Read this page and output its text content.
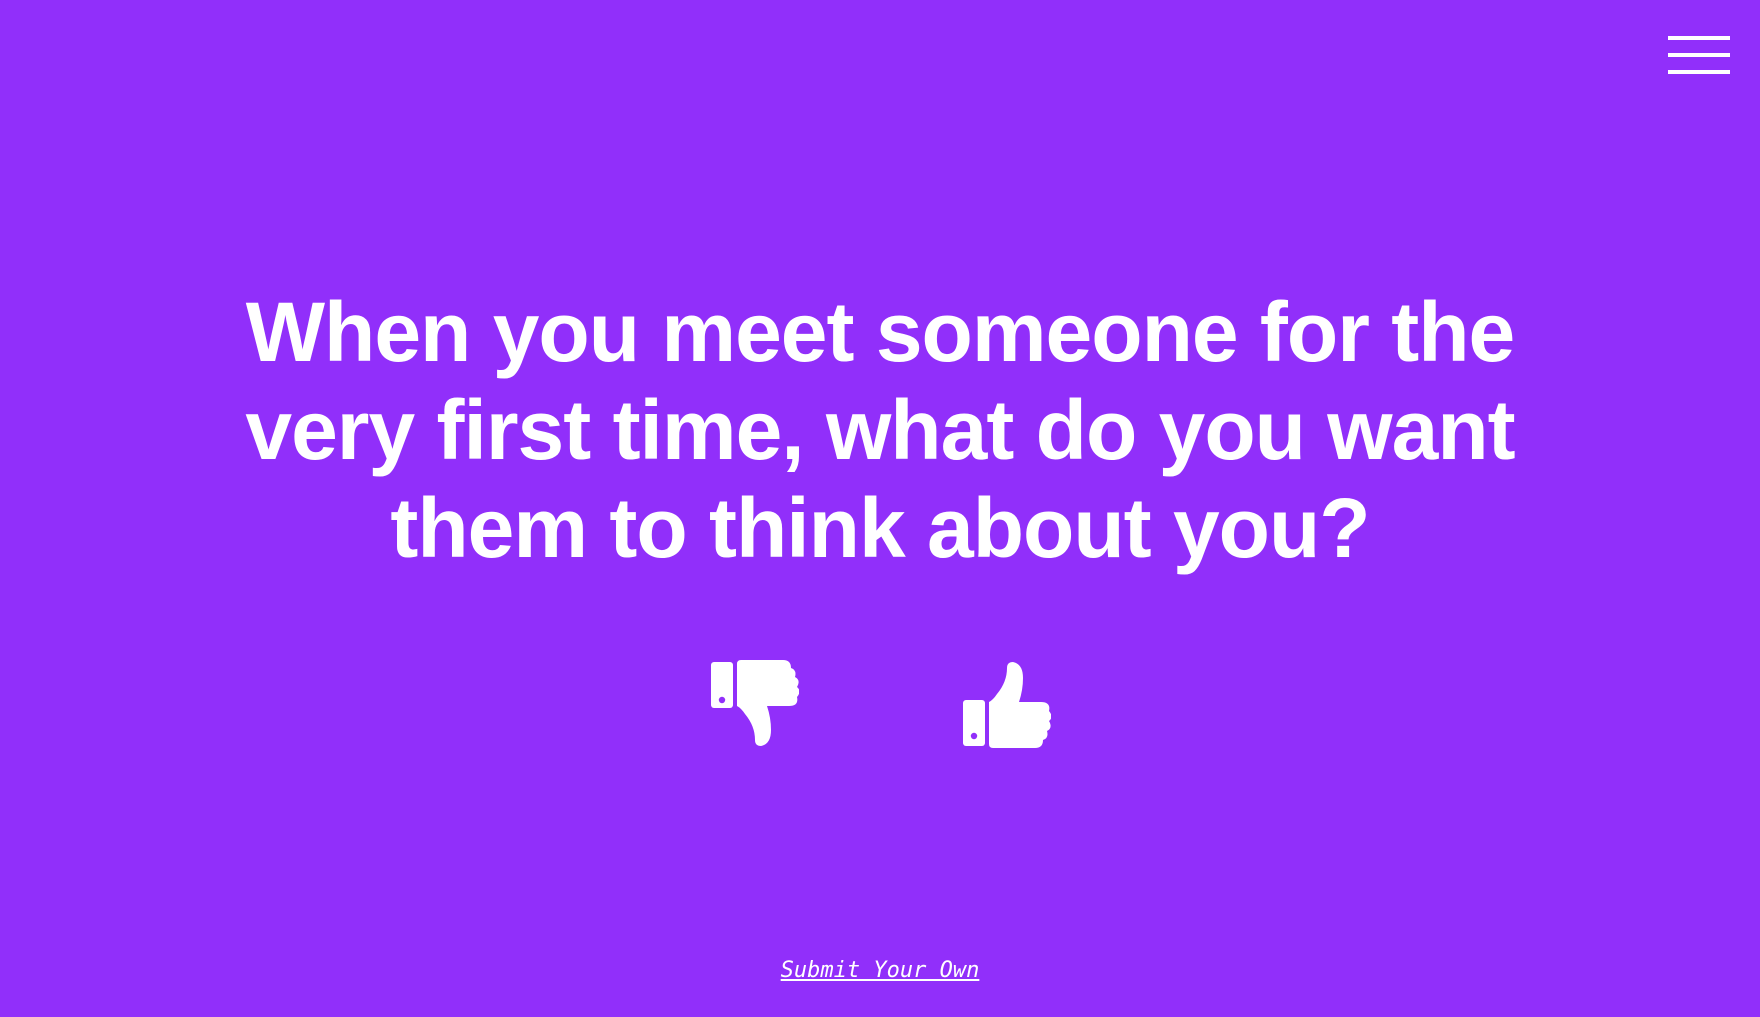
When you meet someone for the very first time, what do you want them to think about you?
Submit Your Own
